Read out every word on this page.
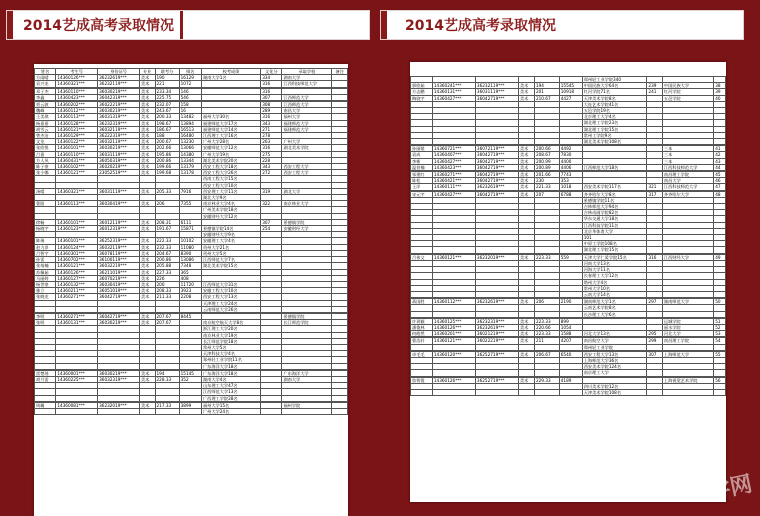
2014艺成高考录取情况	2014艺成高考录取情况
姓名	考生号	身份证号	专业	联考分	排名	校考成绩	文化分	录取学校	备注
方雨晴	14360126***	36232619***	美术	190	16129	湖南大学1名	334	湖南大学	
袁兴龙	14360321***	36232119***	美术	221	1072		316	江西科技师范大学	

邓子杰	14360110***	36030219***	美术	233.34	146		316		
李鑫	14360423***	36042319***	美术	225.75	546		307	江西师范大学	

贾云波	14360202***	36022219***	美术	232.07	158		308	江西师范大学	
魏峰	14360112***	36030219***	美术	243.67	16		289	南昌大学	
王美琪	14360113***	36031319***	美术	200.33	13482	福州大学30名	316	福州大学	
杨嘉嘉	14360128***	36232319***	美术	198.67	13894	福建师范大学17名	343	福建师范大学	
胡雪云	14360121***	36032119***	美术	186.67	16513	福建师范大学14名	271	福建师范大学	
曾杰洁	14360129***	36222319***	美术	188	16480	江西理工大学16名	278		
文龙	14360122***	36032119***	美术	200.67	13230	广州大学28名	263	广州大学	
张欣悦	14360101***	36030219***	美术	202.66	13066	安徽师范大学12名	316	湖北美术学院	
吕嘉	14360110***	36031119***	美术	195.86	14380	广州大学19名	275		
方人风	14360431***	36050319***	美术	200.86	13344	湖北美术学院20名	228		
陈子豪	14360102***	36020219***	美术	199.66	13179	西安工程大学18名	343	西安工程大学	
张小娜	14360121***	23052519***	美术	199.68	13178	西安工程大学26名	272	西安工程大学	
						西南工程大学15名			
						西安工程大学10名			
汤晴	14360321***	36031119***	美术	205.33	7916	西安理工大学11名	319	湖北大学	
						湖北大学9名			
曹阳	14360113***	36030419***	美术	206	7355	南京林业大学4名	322	南京林业大学	
						广州美术学院18名			
						安徽财经大学12名			
徐畅	14360101***	36012119***	美术	208.31	6111		307	景德镇学院	
杨晓宇	14360123***	36012319***	美术	191.67	15871	景德镇学院14名	254	安徽财经大学	
						安徽财经大学9名			
陈瑞	14360101***	36252319***	美术	222.33	10102	安徽理工大学4名			
赵力昂	14360124***	36032119***	美术	232.33	11080	贵州大学21名			
吕智宇	14360301***	36078119***	美术	204.67	8390	贵州大学5名			
孙雷	14360702***	36100119***	美术	200.86	13086	江西师范大学7名			
张灿楠	14360121***	36032219***	美术	205.88	7348	湖北美术学院15名			
苏佩茹	14360126***	36211019***	美术	227.33	365				
马丽婷	14360127***	36070219***	美术	226	408				
杨世豪	14360132***	36030419***	美术	200	11720	江西师范大学31名			
雅立	14360211***	36051019***	美术	208.33	3923	安徽工程大学10名			
张晓龙	14360271***	36042719***	美术	211.33	2208	西安工程大学13名			
						天津理工大学24名			
						云南师范大学26名			

李明	14360271***	36042719***	美术	207.67	8445			景德镇学院	
张明	14360131***	36030219***	美术	207.67		南京航空航天大学8名		长江师范学院	
						浙江理工大学20名			
						南京林业大学19名			
						长江师范学院18名			
						常州大学5名			
						天津科技大学4名			
						郑州轻工业学院11名			
						广东海洋大学18名			

雷楚瑶	14360001***	36030219***	美术	194	15145	广东海洋大学18名		广东海洋大学	
胡月雷	14360225***	36032319***	美术	228.33	352	湖南大学4名		湖南大学	
						山东理工大学47名			
						江西师范大学13名			
						广西理工学院28名			

周璐	14360081***	36232019***	美术	217.33	3899	福州大学15名		福州学院	
						广州大学24名			
						郑州轻工业学院340			
郭欣茹	14360241***	36232119***	美术	194	15545	中国民族大学64名	239	中国民族大学	38
方志鹏	14360131***	36031119***	美术	201	10918	红河学院71名	241	红河学院	39
陶骁宇	14360427***	36042719***	美术	210.67	4427	天津美术学院8名		五邑学院	40
						大连艺术学院41名			
						五邑学院19名			
						北京理工大学4名			
						湖北理工学院23名			
						湖北理工学院15名			
						常州工学院9名			
						湖北美术学院108名			

孙丽媛	14360721***	36072119***	美术	200.66	4492			三本	41
袁成	14360407***	36042719***	美术	208.67	7830			三本	42
李彬	14360427***	36042719***	美术	200.99	4400			三本	43
温伯楠	14360423***	36042719***	美术	200.89	4406	江西师范大学18名		江西科技师范大学	44

邹建红	14360271***	36042719***	美术	201.66	7743			南昌理工学院	45
陈松	14360421***	36042719***	美术	230	353			南昌大学	46
王洋	14360111***	36232619***	美术	221.33	1018	西安美术学院117名	321	江西科技师范大学	47

宋元宇	14360427***	36042719***	美术	207	6788	齐齐哈尔大学8名	317	齐齐哈尔大学	48
						景德镇学院11名			
						吉林师范大学94名			
						吉林动画学院82名			
						华东交通大学18名			
						江西科技学院11名			
						北京华体育大学			
						101			
						中原工学院108名			
						湖北理工学院15名			

吕伟文	14360121***	36232019***	美术	223.33	559	天津大学仁爱学院15名	316	江西财经大学	49
						河南大学13名			
						河海大学11名			
						长春理工大学12名			
						塔州大学4名			
						常州大学10名			
						云南大学14名			

蒋国胜	14360112***	36232619***	美术	206	2190	湖南师范大学1名	297	湖南师范大学	50
						云南艺术学院8名			
						长沙理工大学6名			

许玥颖	14360125***	36232319***	美术	223.33	899			运城学院	51
潘俊林	14360126***	36232619***	美术	220.66	1054			丽水学院	52
何皓然	14360201***	36021219***	美术	223.33	1588	河北大学13名	295	河北大学	53

曹浩轩	14360121***	36022219***	美术	211	4207	南昌航空大学	299	南昌理工学院	54
						郑州轻工业学院			

卓毛毛	14360120***	36252719***	美术	206.67	6540	西安工程大学13名	307	上海师范大学	55
						上海师范大学36名			
						西安美术学院124名			
						南京理工大学			

詹智霞	14360126***	36252719***	美术	229.33	4189			上海视觉艺术学院	56
						四川美术学院12名			
						天津美术学院108名			
学网
